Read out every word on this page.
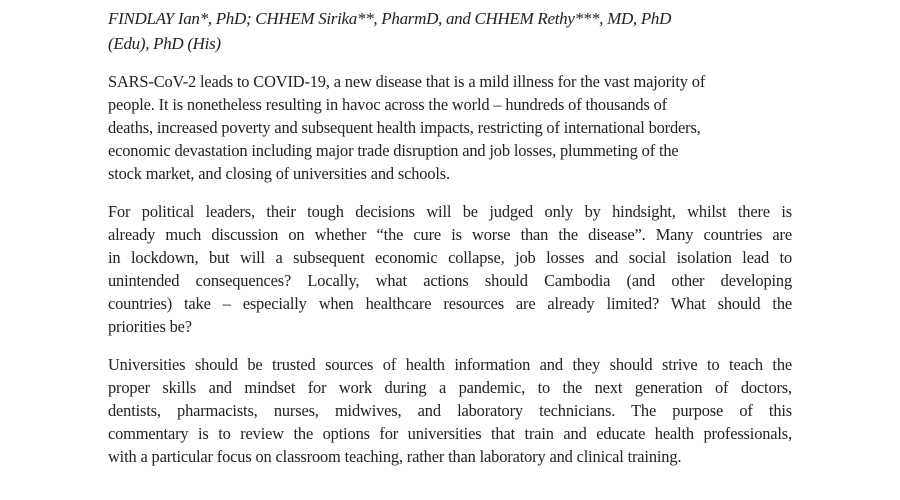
FINDLAY Ian*, PhD; CHHEM Sirika**, PharmD, and CHHEM Rethy***, MD, PhD
(Edu), PhD (His)
SARS-CoV-2 leads to COVID-19, a new disease that is a mild illness for the vast majority of
people. It is nonetheless resulting in havoc across the world – hundreds of thousands of
deaths, increased poverty and subsequent health impacts, restricting of international borders,
economic devastation including major trade disruption and job losses, plummeting of the
stock market, and closing of universities and schools.
For political leaders, their tough decisions will be judged only by hindsight, whilst there is
already much discussion on whether “the cure is worse than the disease”. Many countries are
in lockdown, but will a subsequent economic collapse, job losses and social isolation lead to
unintended consequences? Locally, what actions should Cambodia (and other developing
countries) take – especially when healthcare resources are already limited? What should the
priorities be?
Universities should be trusted sources of health information and they should strive to teach the
proper skills and mindset for work during a pandemic, to the next generation of doctors,
dentists, pharmacists, nurses, midwives, and laboratory technicians. The purpose of this
commentary is to review the options for universities that train and educate health professionals,
with a particular focus on classroom teaching, rather than laboratory and clinical training.
